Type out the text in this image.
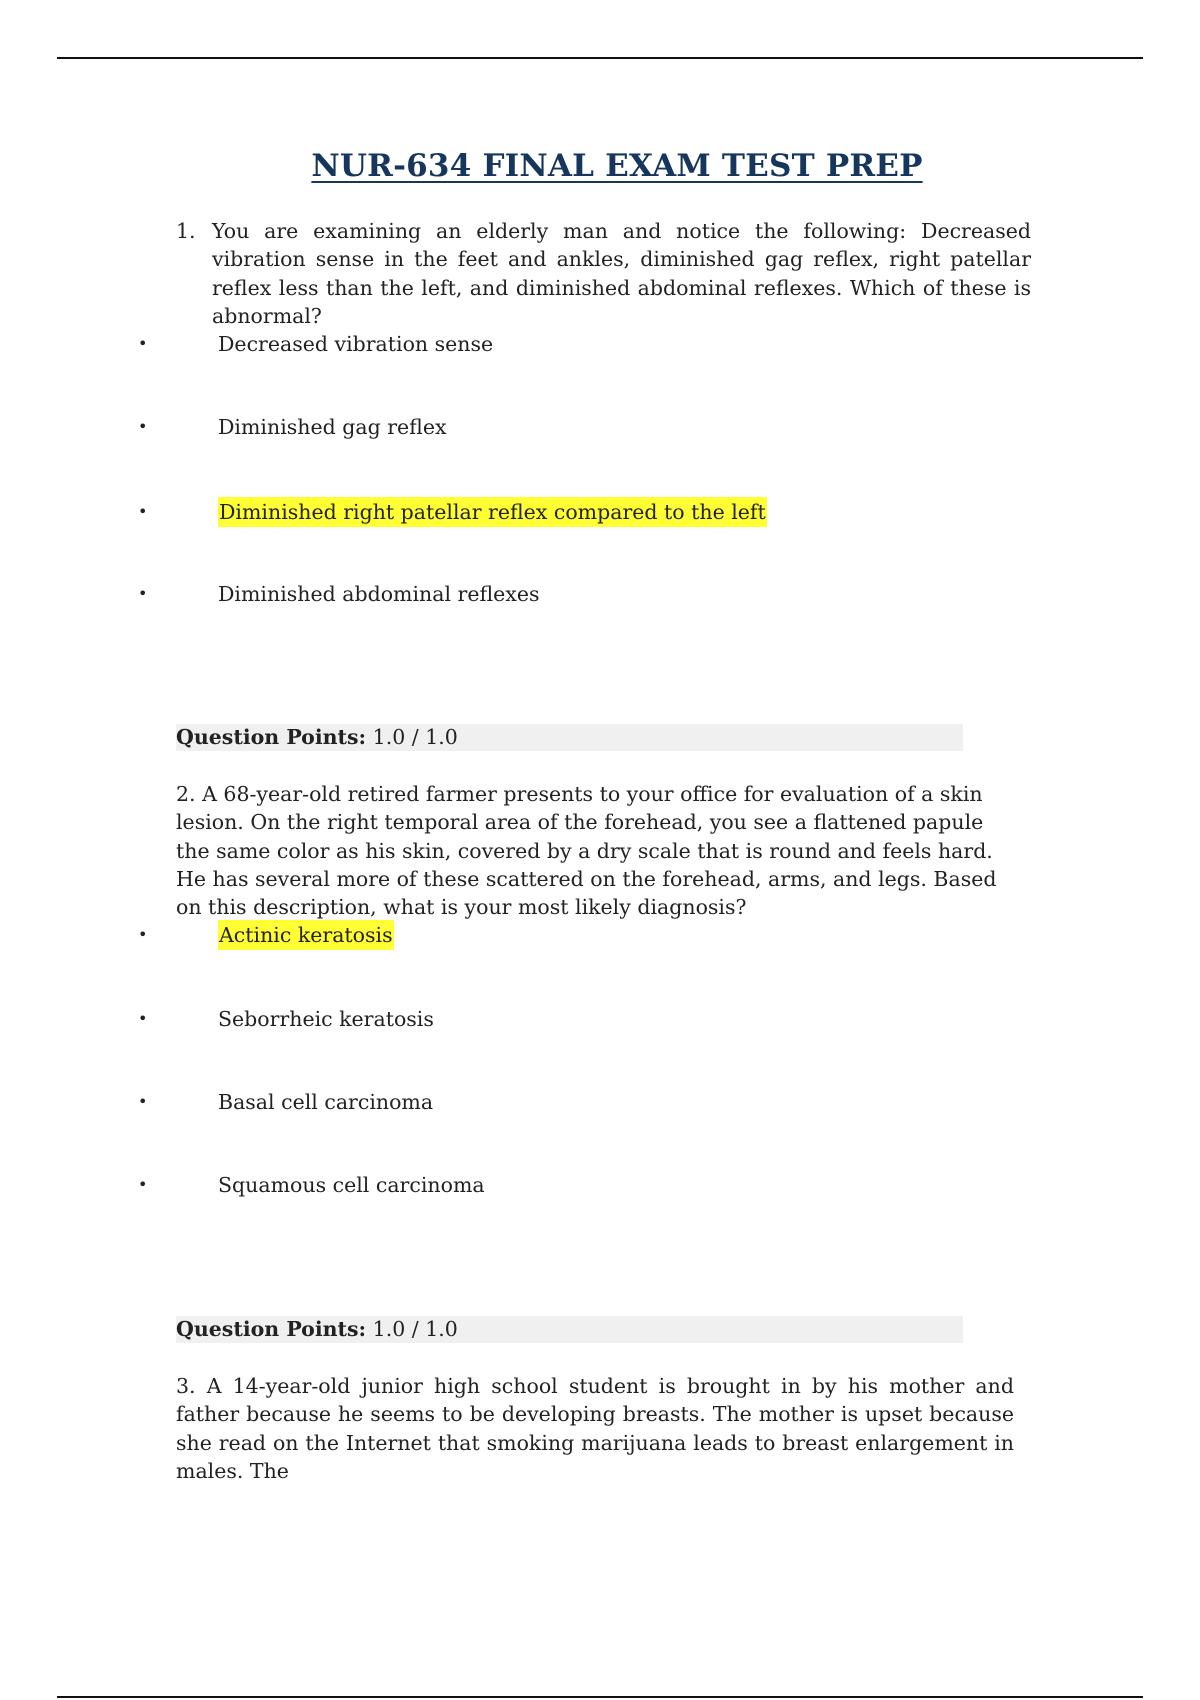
NUR-634 FINAL EXAM TEST PREP
1. You are examining an elderly man and notice the following: Decreased vibration sense in the feet and ankles, diminished gag reflex, right patellar reflex less than the left, and diminished abdominal reflexes. Which of these is abnormal?
•	Decreased vibration sense
•	Diminished gag reflex
•	Diminished right patellar reflex compared to the left
•	Diminished abdominal reflexes
Question Points: 1.0 / 1.0
2. A 68-year-old retired farmer presents to your office for evaluation of a skin lesion. On the right temporal area of the forehead, you see a flattened papule the same color as his skin, covered by a dry scale that is round and feels hard. He has several more of these scattered on the forehead, arms, and legs. Based on this description, what is your most likely diagnosis?
•	Actinic keratosis
•	Seborrheic keratosis
•	Basal cell carcinoma
•	Squamous cell carcinoma
Question Points: 1.0 / 1.0
3. A 14-year-old junior high school student is brought in by his mother and father because he seems to be developing breasts. The mother is upset because she read on the Internet that smoking marijuana leads to breast enlargement in males. The
